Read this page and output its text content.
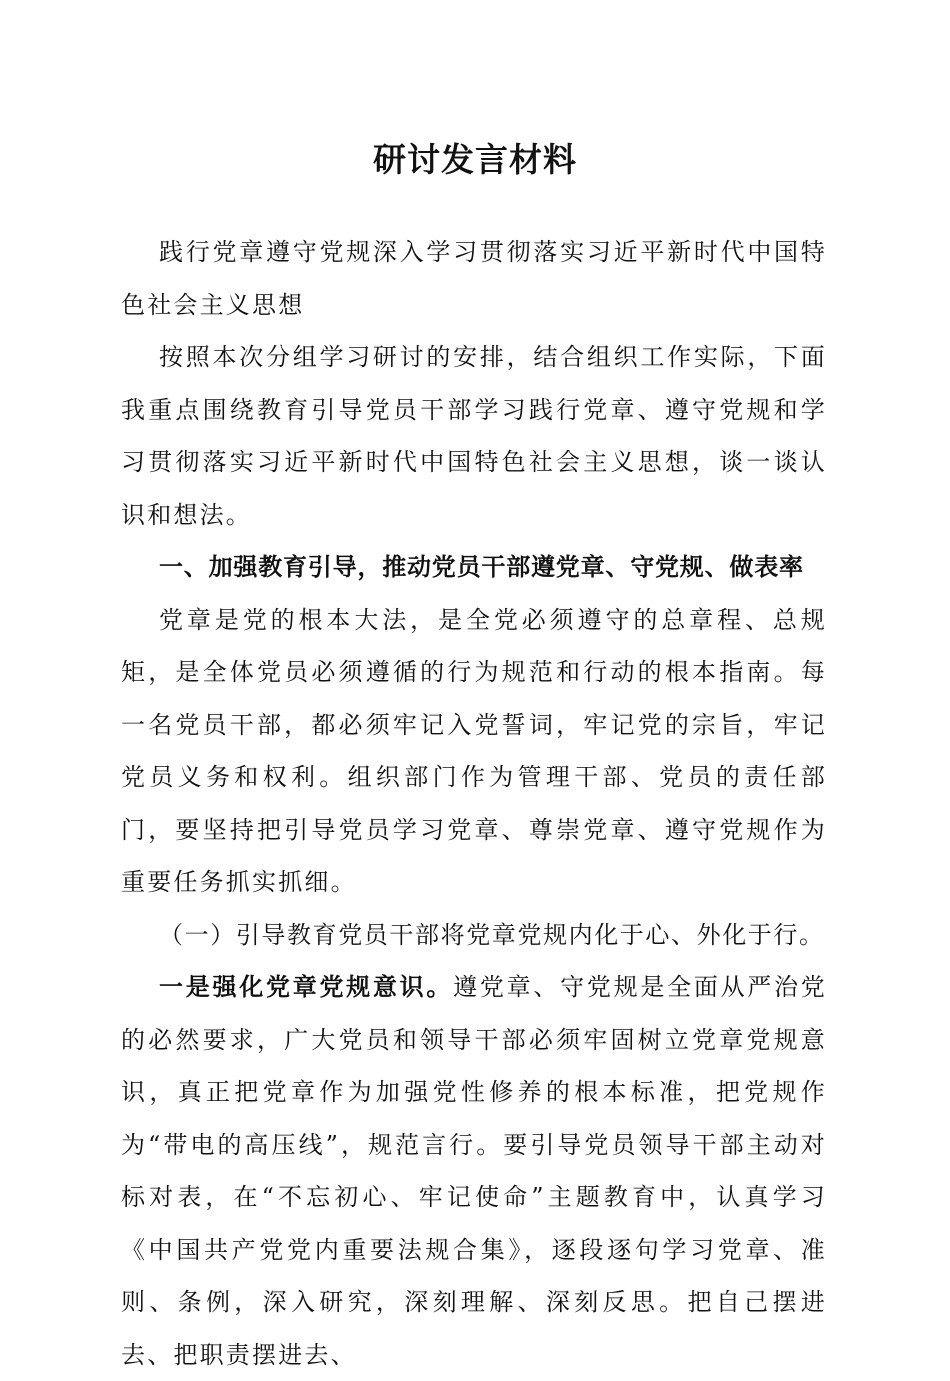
研讨发言材料

践行党章遵守党规深入学习贯彻落实习近平新时代中国特色社会主义思想

按照本次分组学习研讨的安排，结合组织工作实际，下面我重点围绕教育引导党员干部学习践行党章、遵守党规和学习贯彻落实习近平新时代中国特色社会主义思想，谈一谈认识和想法。

一、加强教育引导，推动党员干部遵党章、守党规、做表率

党章是党的根本大法，是全党必须遵守的总章程、总规矩，是全体党员必须遵循的行为规范和行动的根本指南。每一名党员干部，都必须牢记入党誓词，牢记党的宗旨，牢记党员义务和权利。组织部门作为管理干部、党员的责任部门，要坚持把引导党员学习党章、尊崇党章、遵守党规作为重要任务抓实抓细。

（一）引导教育党员干部将党章党规内化于心、外化于行。

一是强化党章党规意识。遵党章、守党规是全面从严治党的必然要求，广大党员和领导干部必须牢固树立党章党规意识，真正把党章作为加强党性修养的根本标准，把党规作为“带电的高压线”，规范言行。要引导党员领导干部主动对标对表，在“不忘初心、牢记使命”主题教育中，认真学习《中国共产党党内重要法规合集》，逐段逐句学习党章、准则、条例，深入研究，深刻理解、深刻反思。把自己摆进去、把职责摆进去、
